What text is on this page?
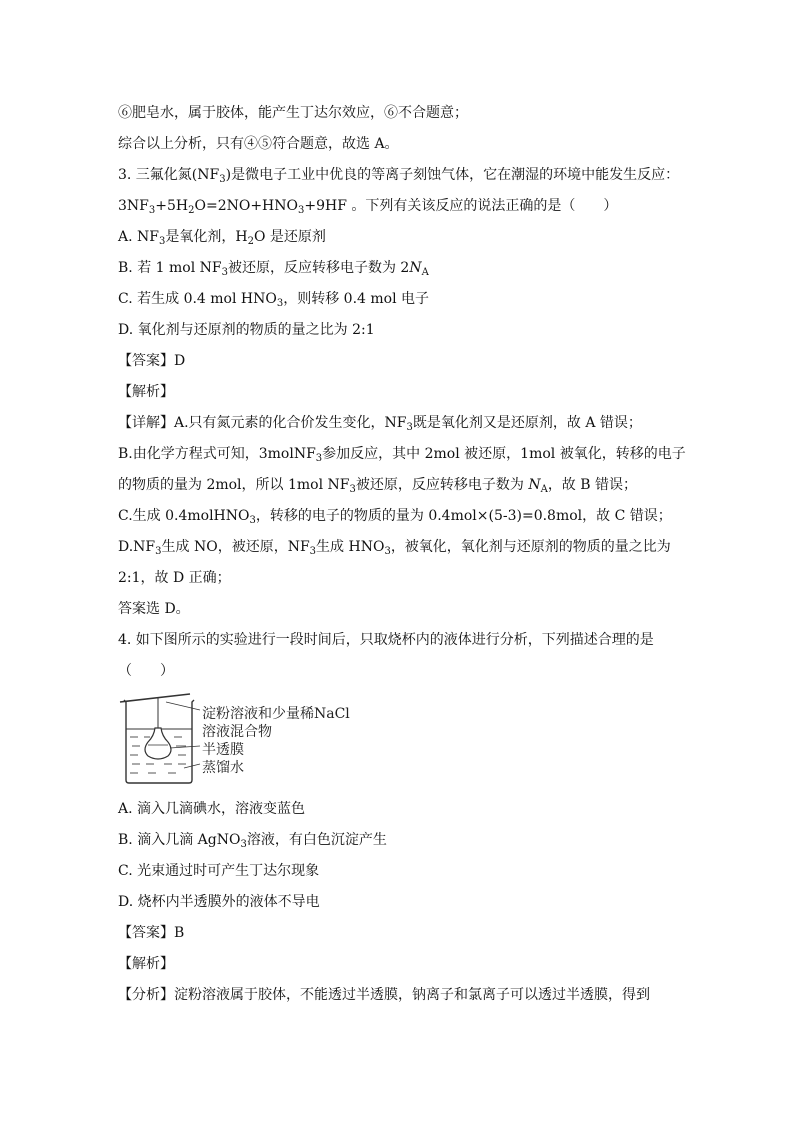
⑥肥皂水，属于胶体，能产生丁达尔效应，⑥不合题意；
综合以上分析，只有④⑤符合题意，故选 A。
3. 三氟化氮$(NF_3)$是微电子工业中优良的等离子刻蚀气体，它在潮湿的环境中能发生反应：
$3NF_3+5H_2O=2NO+HNO_3+9HF$ 。下列有关该反应的说法正确的是（　　）
A. $NF_3$是氧化剂，$H_2O$ 是还原剂
B. 若 1 mol $NF_3$被还原，反应转移电子数为 $2N_A$
C. 若生成 0.4 mol $HNO_3$，则转移 0.4 mol 电子
D. 氧化剂与还原剂的物质的量之比为 2:1
【答案】D
【解析】
【详解】A.只有氮元素的化合价发生变化，$NF_3$既是氧化剂又是还原剂，故 A 错误；
B.由化学方程式可知，3molNF$_3$参加反应，其中 2mol 被还原，1mol 被氧化，转移的电子
的物质的量为 2mol，所以 1mol $NF_3$被还原，反应转移电子数为 $N_A$，故 B 错误；
C.生成 0.4molHNO$_3$，转移的电子的物质的量为 0.4mol×(5-3)=0.8mol，故 C 错误；
$D.NF_3$生成 NO，被还原，$NF_3$生成 $HNO_3$，被氧化，氧化剂与还原剂的物质的量之比为
2:1，故 D 正确；
答案选 D。
4. 如下图所示的实验进行一段时间后，只取烧杯内的液体进行分析，下列描述合理的是
（　　）
淀粉溶液和少量稀NaCl
溶液混合物
半透膜
蒸馏水
A. 滴入几滴碘水，溶液变蓝色
B. 滴入几滴 AgNO$_3$溶液，有白色沉淀产生
C. 光束通过时可产生丁达尔现象
D. 烧杯内半透膜外的液体不导电
【答案】B
【解析】
【分析】淀粉溶液属于胶体，不能透过半透膜，钠离子和氯离子可以透过半透膜，得到
